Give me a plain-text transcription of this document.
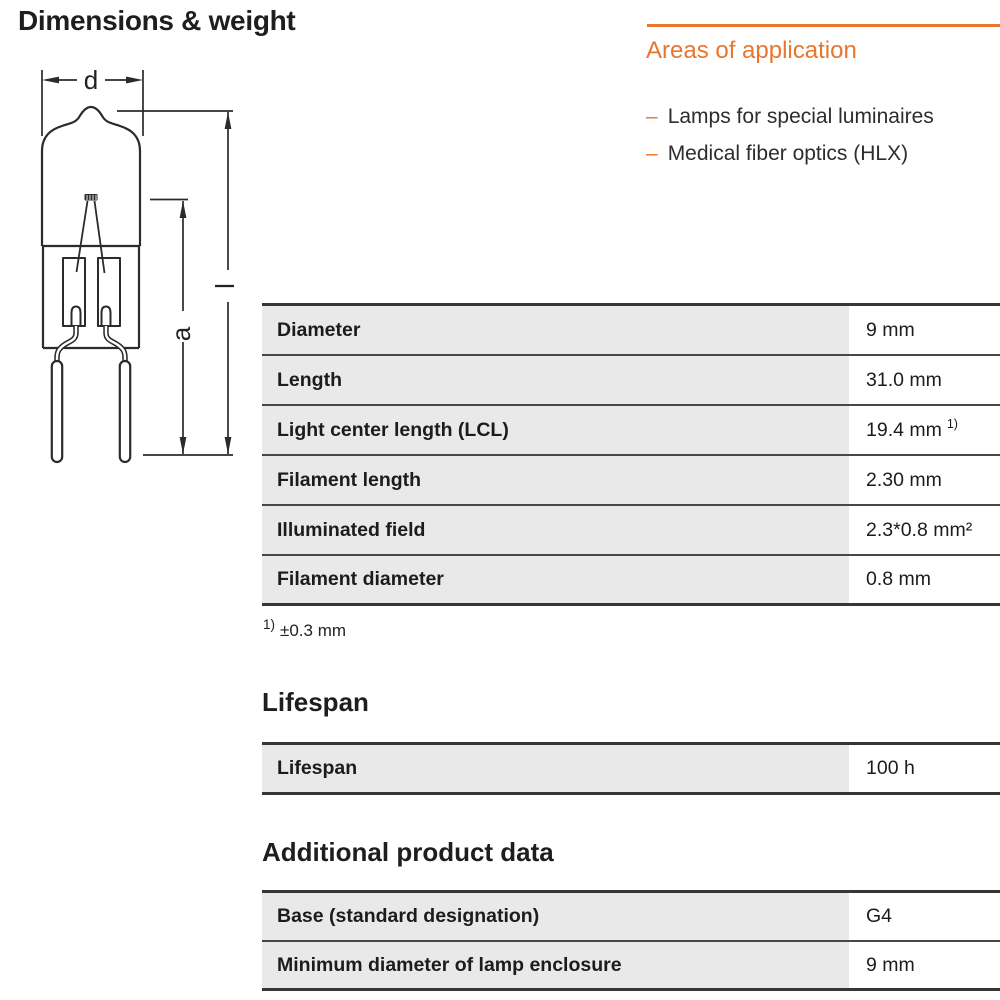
Dimensions & weight
d
l
a
Areas of application
– Lamps for special luminaires
– Medical fiber optics (HLX)
Diameter	9 mm
Length	31.0 mm
Light center length (LCL)	19.4 mm $^{1)}$
Filament length	2.30 mm
Illuminated field	2.3*0.8 mm²
Filament diameter	0.8 mm
$^{1)}$ ±0.3 mm
Lifespan
Lifespan	100 h
Additional product data
Base (standard designation)	G4
Minimum diameter of lamp enclosure	9 mm
